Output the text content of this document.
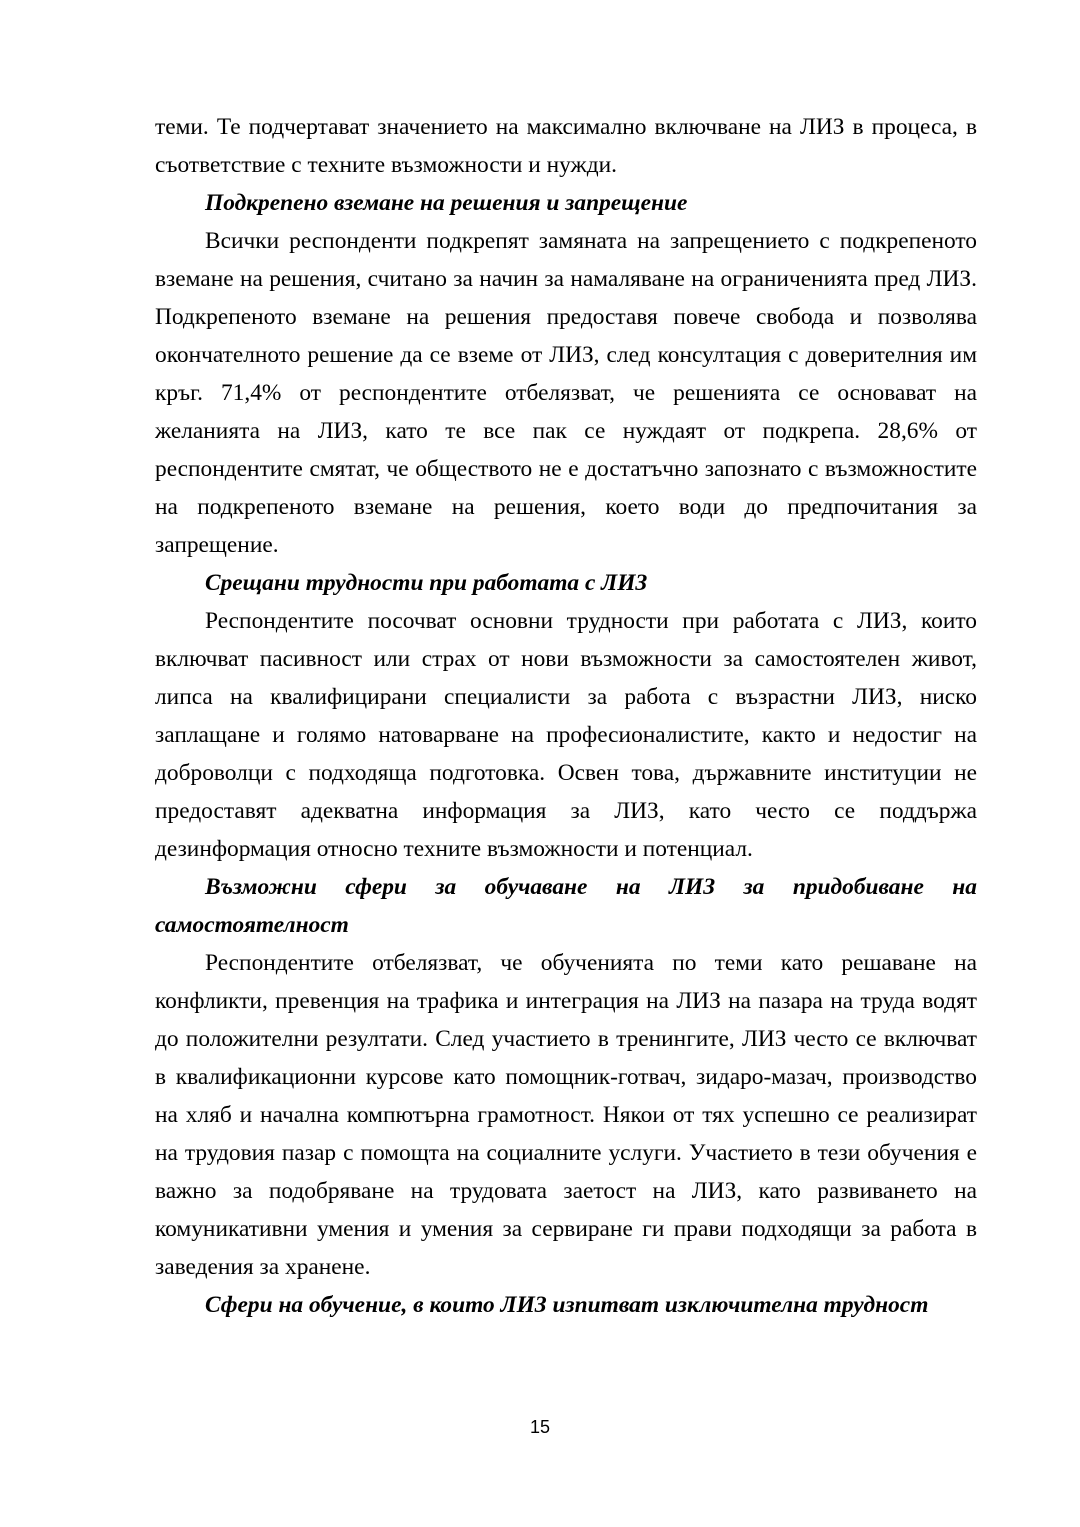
теми. Те подчертават значението на максимално включване на ЛИЗ в процеса, в съответствие с техните възможности и нужди.

Подкрепено вземане на решения и запрещение

Всички респонденти подкрепят замяната на запрещението с подкрепеното вземане на решения, считано за начин за намаляване на ограниченията пред ЛИЗ. Подкрепеното вземане на решения предоставя повече свобода и позволява окончателното решение да се вземе от ЛИЗ, след консултация с доверителния им кръг. 71,4% от респондентите отбелязват, че решенията се основават на желанията на ЛИЗ, като те все пак се нуждаят от подкрепа. 28,6% от респондентите смятат, че обществото не е достатъчно запознато с възможностите на подкрепеното вземане на решения, което води до предпочитания за запрещение.

Срещани трудности при работата с ЛИЗ

Респондентите посочват основни трудности при работата с ЛИЗ, които включват пасивност или страх от нови възможности за самостоятелен живот, липса на квалифицирани специалисти за работа с възрастни ЛИЗ, ниско заплащане и голямо натоварване на професионалистите, както и недостиг на доброволци с подходяща подготовка. Освен това, държавните институции не предоставят адекватна информация за ЛИЗ, като често се поддържа дезинформация относно техните възможности и потенциал.

Възможни сфери за обучаване на ЛИЗ за придобиване на самостоятелност

Респондентите отбелязват, че обученията по теми като решаване на конфликти, превенция на трафика и интеграция на ЛИЗ на пазара на труда водят до положителни резултати. След участието в тренингите, ЛИЗ често се включват в квалификационни курсове като помощник-готвач, зидаро-мазач, производство на хляб и начална компютърна грамотност. Някои от тях успешно се реализират на трудовия пазар с помощта на социалните услуги. Участието в тези обучения е важно за подобряване на трудовата заетост на ЛИЗ, като развиването на комуникативни умения и умения за сервиране ги прави подходящи за работа в заведения за хранене.

Сфери на обучение, в които ЛИЗ изпитват изключителна трудност

15
